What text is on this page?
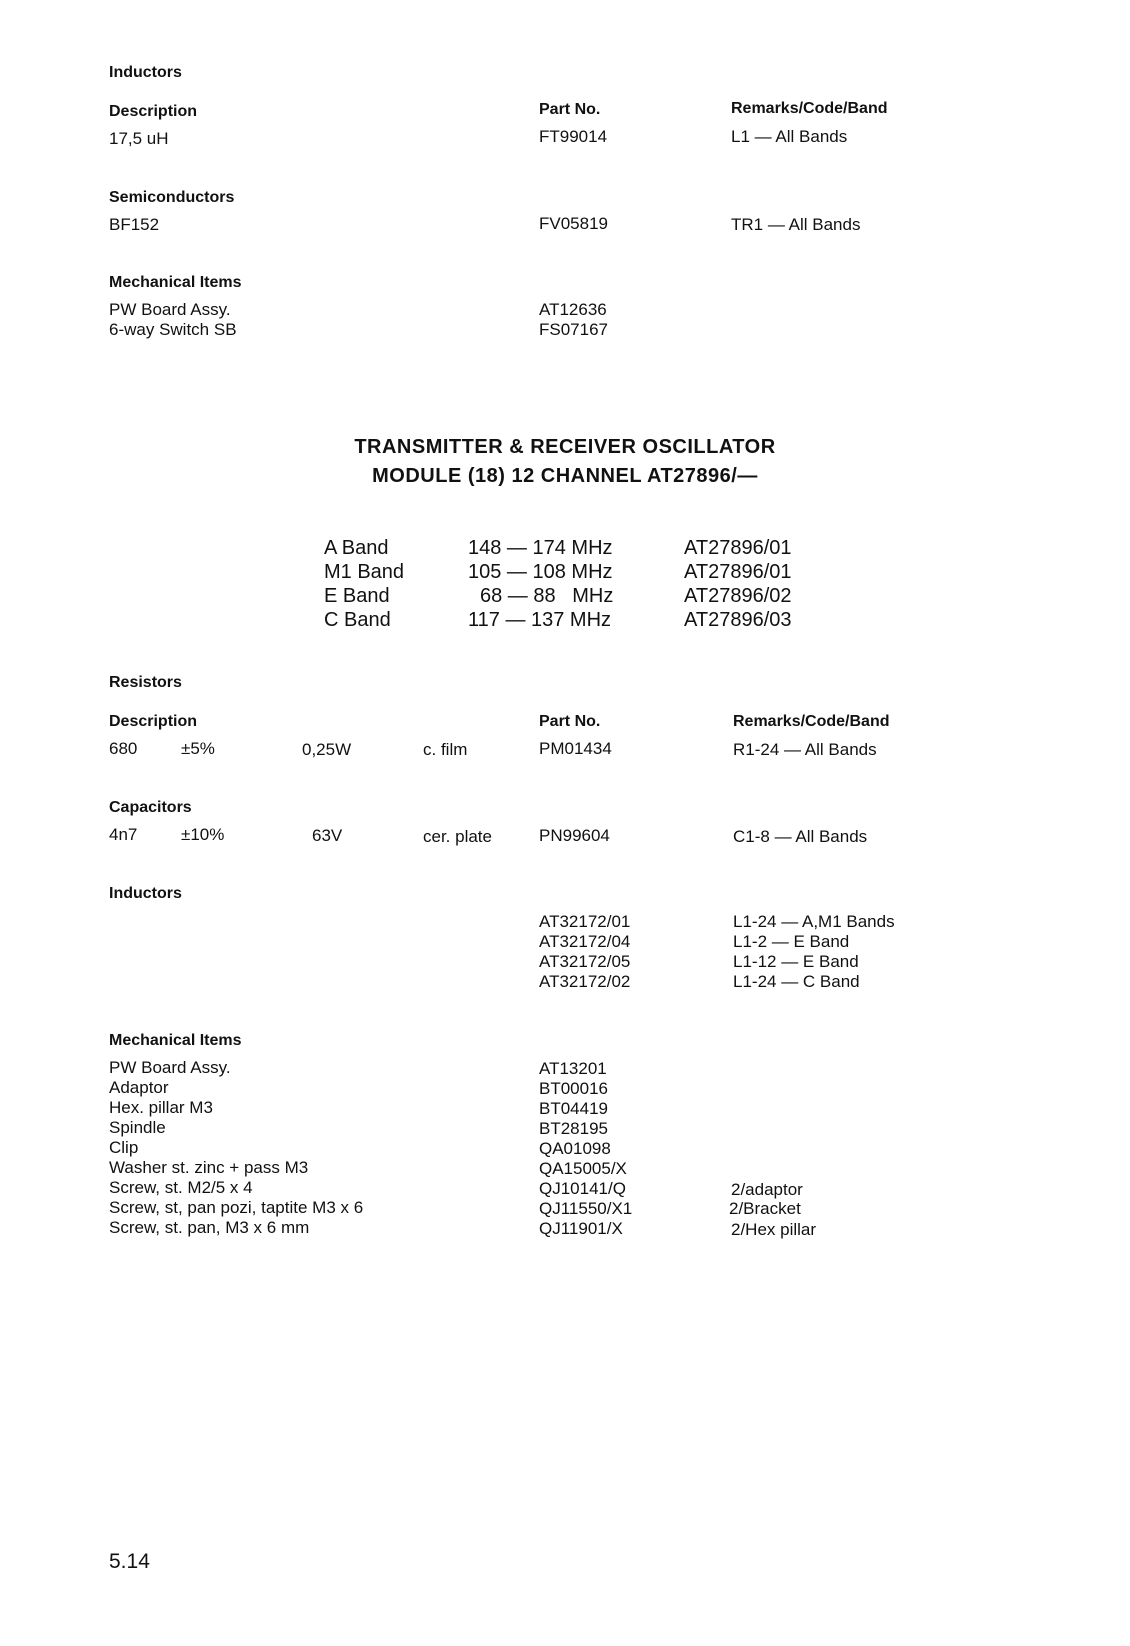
Inductors
Description	Part No.	Remarks/Code/Band
17,5 uH	FT99014	L1 — All Bands
Semiconductors
BF152	FV05819	TR1 — All Bands
Mechanical Items
PW Board Assy.	AT12636
6-way Switch SB	FS07167
TRANSMITTER & RECEIVER OSCILLATOR
MODULE (18) 12 CHANNEL AT27896/—
A Band	148 — 174 MHz	AT27896/01
M1 Band	105 — 108 MHz	AT27896/01
E Band	68 — 88   MHz	AT27896/02
C Band	117 — 137 MHz	AT27896/03
Resistors
Description	Part No.	Remarks/Code/Band
680	±5%	0,25W	c. film	PM01434	R1-24 — All Bands
Capacitors
4n7	±10%	63V	cer. plate	PN99604	C1-8 — All Bands
Inductors
AT32172/01	L1-24 — A,M1 Bands
AT32172/04	L1-2 — E Band
AT32172/05	L1-12 — E Band
AT32172/02	L1-24 — C Band
Mechanical Items
PW Board Assy.	AT13201
Adaptor	BT00016
Hex. pillar M3	BT04419
Spindle	BT28195
Clip	QA01098
Washer st. zinc + pass M3	QA15005/X
Screw, st. M2/5 x 4	QJ10141/Q	2/adaptor
Screw, st, pan pozi, taptite M3 x 6	QJ11550/X1	2/Bracket
Screw, st. pan, M3 x 6 mm	QJ11901/X	2/Hex pillar
5.14
